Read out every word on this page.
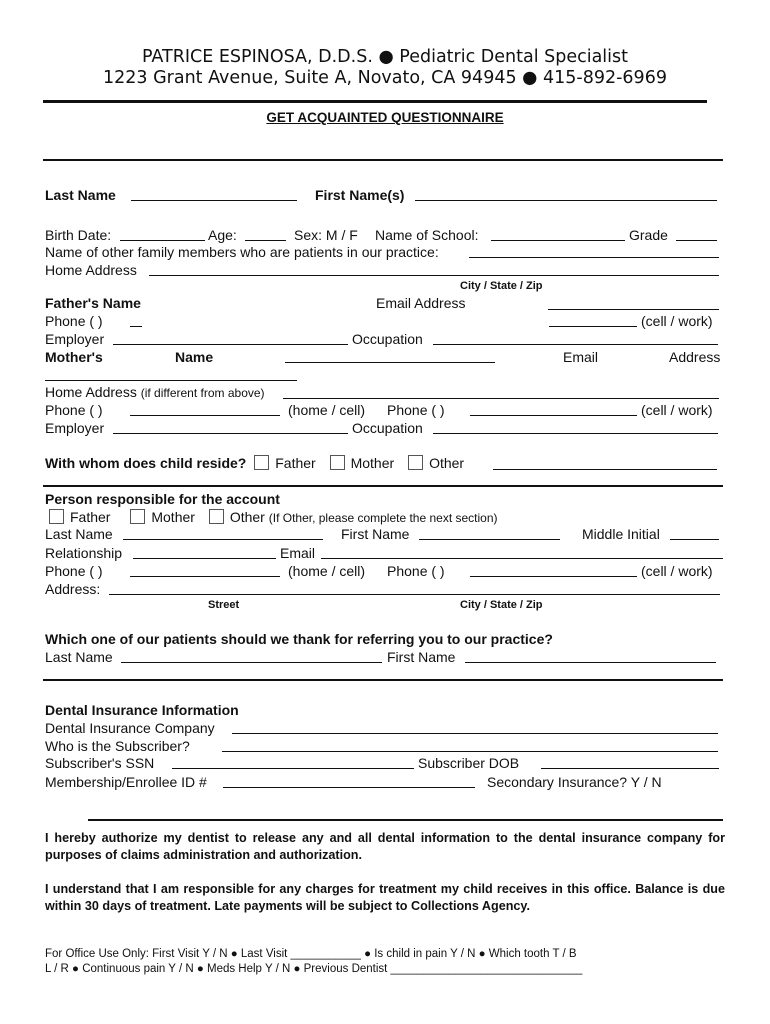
PATRICE ESPINOSA, D.D.S. ● Pediatric Dental Specialist
1223 Grant Avenue, Suite A, Novato, CA 94945 ● 415-892-6969
GET ACQUAINTED QUESTIONNAIRE
Last Name	First Name(s)
Birth Date:	Age:	Sex: M / F Name of School:	Grade
Name of other family members who are patients in our practice:
Home Address
City / State / Zip
Father's Name	Email Address
Phone ( )	(cell / work)
Employer	Occupation
Mother's	Name	Email	Address
Home Address (if different from above)
Phone ( )	(home / cell) Phone ( )	(cell / work)
Employer	Occupation
With whom does child reside? Father Mother Other
Person responsible for the account
Father	Mother Other (If Other, please complete the next section)
Last Name	First Name	Middle Initial
Relationship	Email
Phone ( )	(home / cell) Phone ( )	(cell / work)
Address:
Street	City / State / Zip
Which one of our patients should we thank for referring you to our practice?
Last Name	First Name
Dental Insurance Information
Dental Insurance Company
Who is the Subscriber?
Subscriber's SSN	Subscriber DOB
Membership/Enrollee ID #	Secondary Insurance? Y / N
I hereby authorize my dentist to release any and all dental information to the dental insurance company for purposes of claims administration and authorization.
I understand that I am responsible for any charges for treatment my child receives in this office. Balance is due within 30 days of treatment. Late payments will be subject to Collections Agency.
For Office Use Only: First Visit Y / N ● Last Visit ___________ ● Is child in pain Y / N ● Which tooth T / B
L / R ● Continuous pain Y / N ● Meds Help Y / N ● Previous Dentist ______________________________
